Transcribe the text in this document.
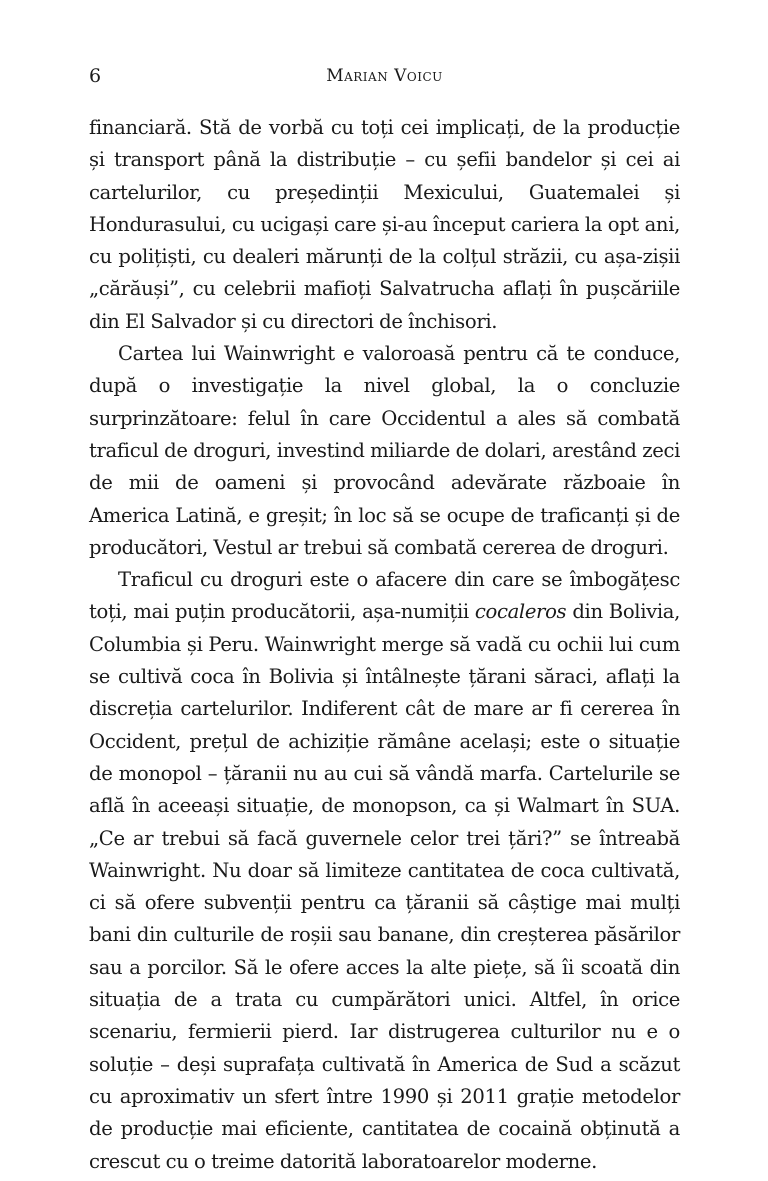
6	Marian Voicu

financiară. Stă de vorbă cu toți cei implicați, de la producție și transport până la distribuție – cu șefii bandelor și cei ai cartelurilor, cu președinții Mexicului, Guatemalei și Hondurasului, cu ucigași care și-au început cariera la opt ani, cu polițiști, cu dealeri mărunți de la colțul străzii, cu așa-zișii „cărăuși”, cu celebrii mafioți Salvatrucha aflați în pușcăriile din El Salvador și cu directori de închisori.

Cartea lui Wainwright e valoroasă pentru că te conduce, după o investigație la nivel global, la o concluzie surprinzătoare: felul în care Occidentul a ales să combată traficul de droguri, investind miliarde de dolari, arestând zeci de mii de oameni și provocând adevărate războaie în America Latină, e greșit; în loc să se ocupe de traficanți și de producători, Vestul ar trebui să combată cererea de droguri.

Traficul cu droguri este o afacere din care se îmbogățesc toți, mai puțin producătorii, așa-numiții cocaleros din Bolivia, Columbia și Peru. Wainwright merge să vadă cu ochii lui cum se cultivă coca în Bolivia și întâlnește țărani săraci, aflați la discreția cartelurilor. Indiferent cât de mare ar fi cererea în Occident, prețul de achiziție rămâne același; este o situație de monopol – țăranii nu au cui să vândă marfa. Cartelurile se află în aceeași situație, de monopson, ca și Walmart în SUA. „Ce ar trebui să facă guvernele celor trei țări?” se întreabă Wainwright. Nu doar să limiteze cantitatea de coca cultivată, ci să ofere subvenții pentru ca țăranii să câștige mai mulți bani din culturile de roșii sau banane, din creșterea păsărilor sau a porcilor. Să le ofere acces la alte piețe, să îi scoată din situația de a trata cu cumpărători unici. Altfel, în orice scenariu, fermierii pierd. Iar distrugerea culturilor nu e o soluție – deși suprafața cultivată în America de Sud a scăzut cu aproximativ un sfert între 1990 și 2011 grație metodelor de producție mai eficiente, cantitatea de cocaină obținută a crescut cu o treime datorită laboratoarelor moderne.
